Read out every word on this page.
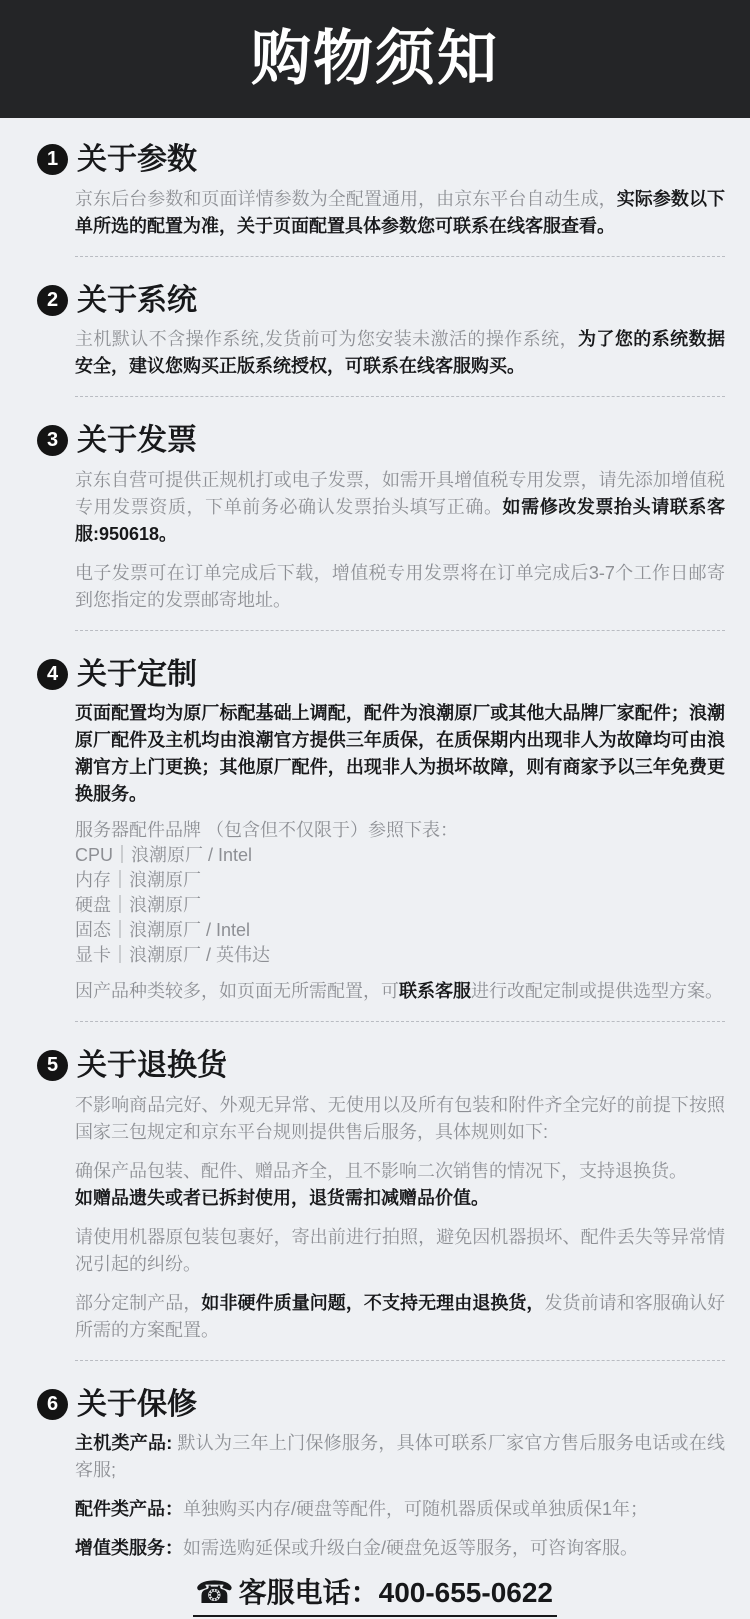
购物须知
1 关于参数

京东后台参数和页面详情参数为全配置通用，由京东平台自动生成，实际参数以下单所选的配置为准，关于页面配置具体参数您可联系在线客服查看。

2 关于系统

主机默认不含操作系统,发货前可为您安装未激活的操作系统，为了您的系统数据安全，建议您购买正版系统授权，可联系在线客服购买。

3 关于发票

京东自营可提供正规机打或电子发票，如需开具增值税专用发票，请先添加增值税专用发票资质，下单前务必确认发票抬头填写正确。如需修改发票抬头请联系客服:950618。

电子发票可在订单完成后下载，增值税专用发票将在订单完成后3-7个工作日邮寄到您指定的发票邮寄地址。

4 关于定制

页面配置均为原厂标配基础上调配，配件为浪潮原厂或其他大品牌厂家配件；浪潮原厂配件及主机均由浪潮官方提供三年质保，在质保期内出现非人为故障均可由浪潮官方上门更换；其他原厂配件，出现非人为损坏故障，则有商家予以三年免费更换服务。

服务器配件品牌 （包含但不仅限于）参照下表：
CPU｜浪潮原厂 / Intel
内存｜浪潮原厂
硬盘｜浪潮原厂
固态｜浪潮原厂 / Intel
显卡｜浪潮原厂 / 英伟达

因产品种类较多，如页面无所需配置，可联系客服进行改配定制或提供选型方案。

5 关于退换货

不影响商品完好、外观无异常、无使用以及所有包装和附件齐全完好的前提下按照国家三包规定和京东平台规则提供售后服务，具体规则如下:

确保产品包装、配件、赠品齐全，且不影响二次销售的情况下，支持退换货。
如赠品遗失或者已拆封使用，退货需扣减赠品价值。

请使用机器原包装包裹好，寄出前进行拍照，避免因机器损坏、配件丢失等异常情况引起的纠纷。

部分定制产品，如非硬件质量问题，不支持无理由退换货，发货前请和客服确认好所需的方案配置。

6 关于保修

主机类产品: 默认为三年上门保修服务，具体可联系厂家官方售后服务电话或在线客服;

配件类产品：单独购买内存/硬盘等配件，可随机器质保或单独质保1年；

增值类服务：如需选购延保或升级白金/硬盘免返等服务，可咨询客服。

☎ 客服电话： 400-655-0622
